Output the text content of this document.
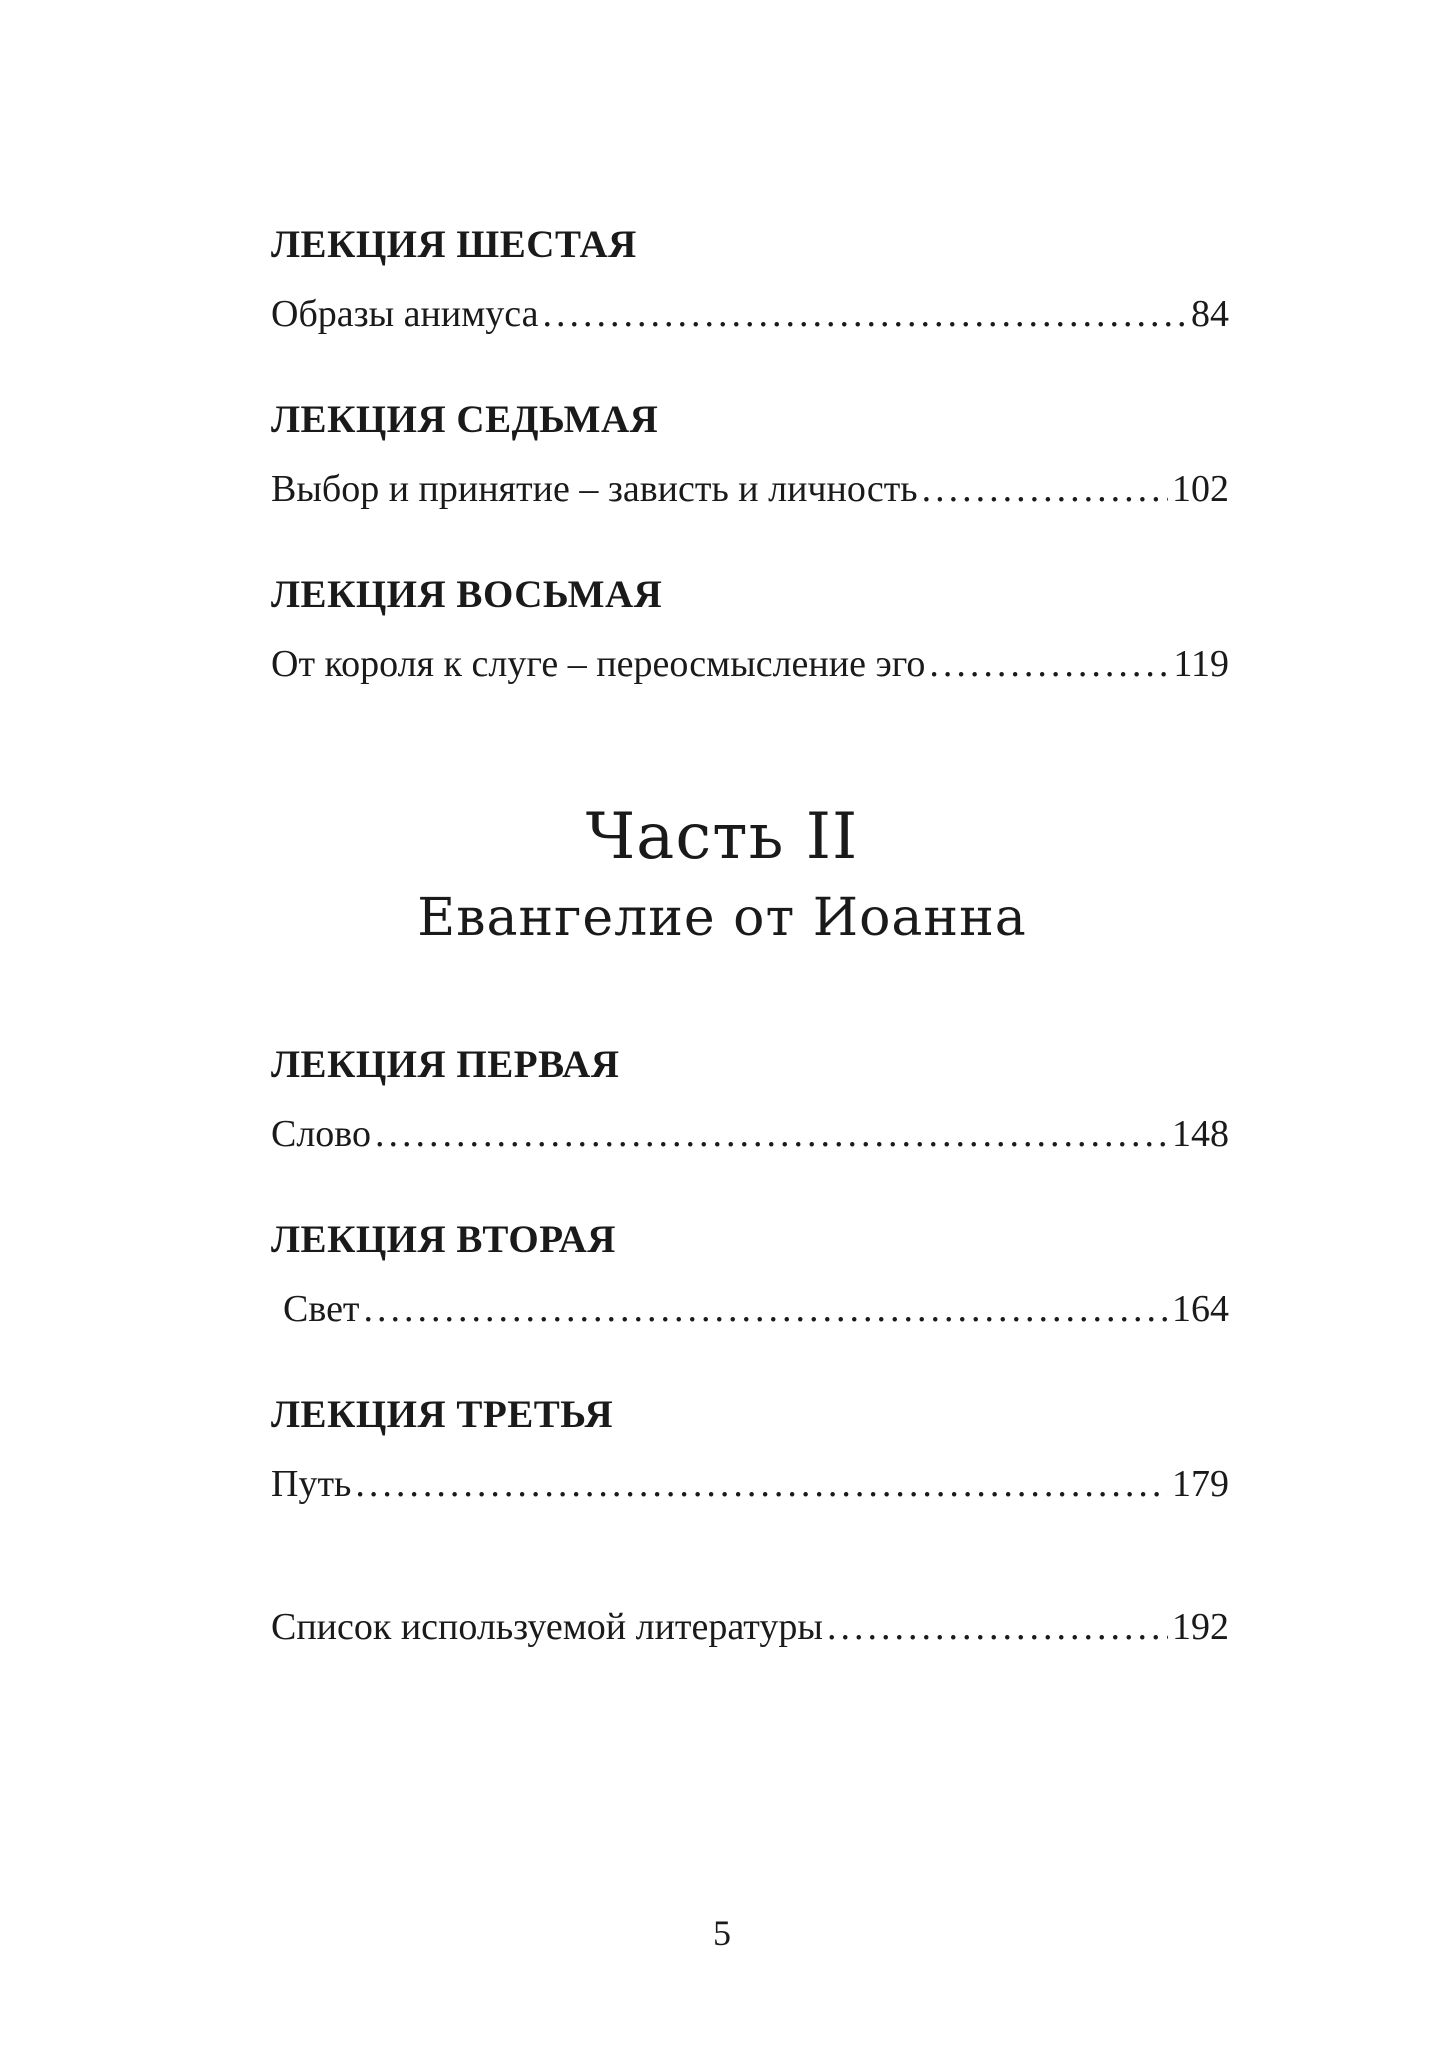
ЛЕКЦИЯ ШЕСТАЯ
Образы анимуса .....	84
ЛЕКЦИЯ СЕДЬМАЯ
Выбор и принятие – зависть и личность .....	102
ЛЕКЦИЯ ВОСЬМАЯ
От короля к слуге – переосмысление эго .....	119
Часть II
Евангелие от Иоанна
ЛЕКЦИЯ ПЕРВАЯ
Слово .....	148
ЛЕКЦИЯ ВТОРАЯ
Свет .....	164
ЛЕКЦИЯ ТРЕТЬЯ
Путь .....	179
Список используемой литературы .....	192
5
